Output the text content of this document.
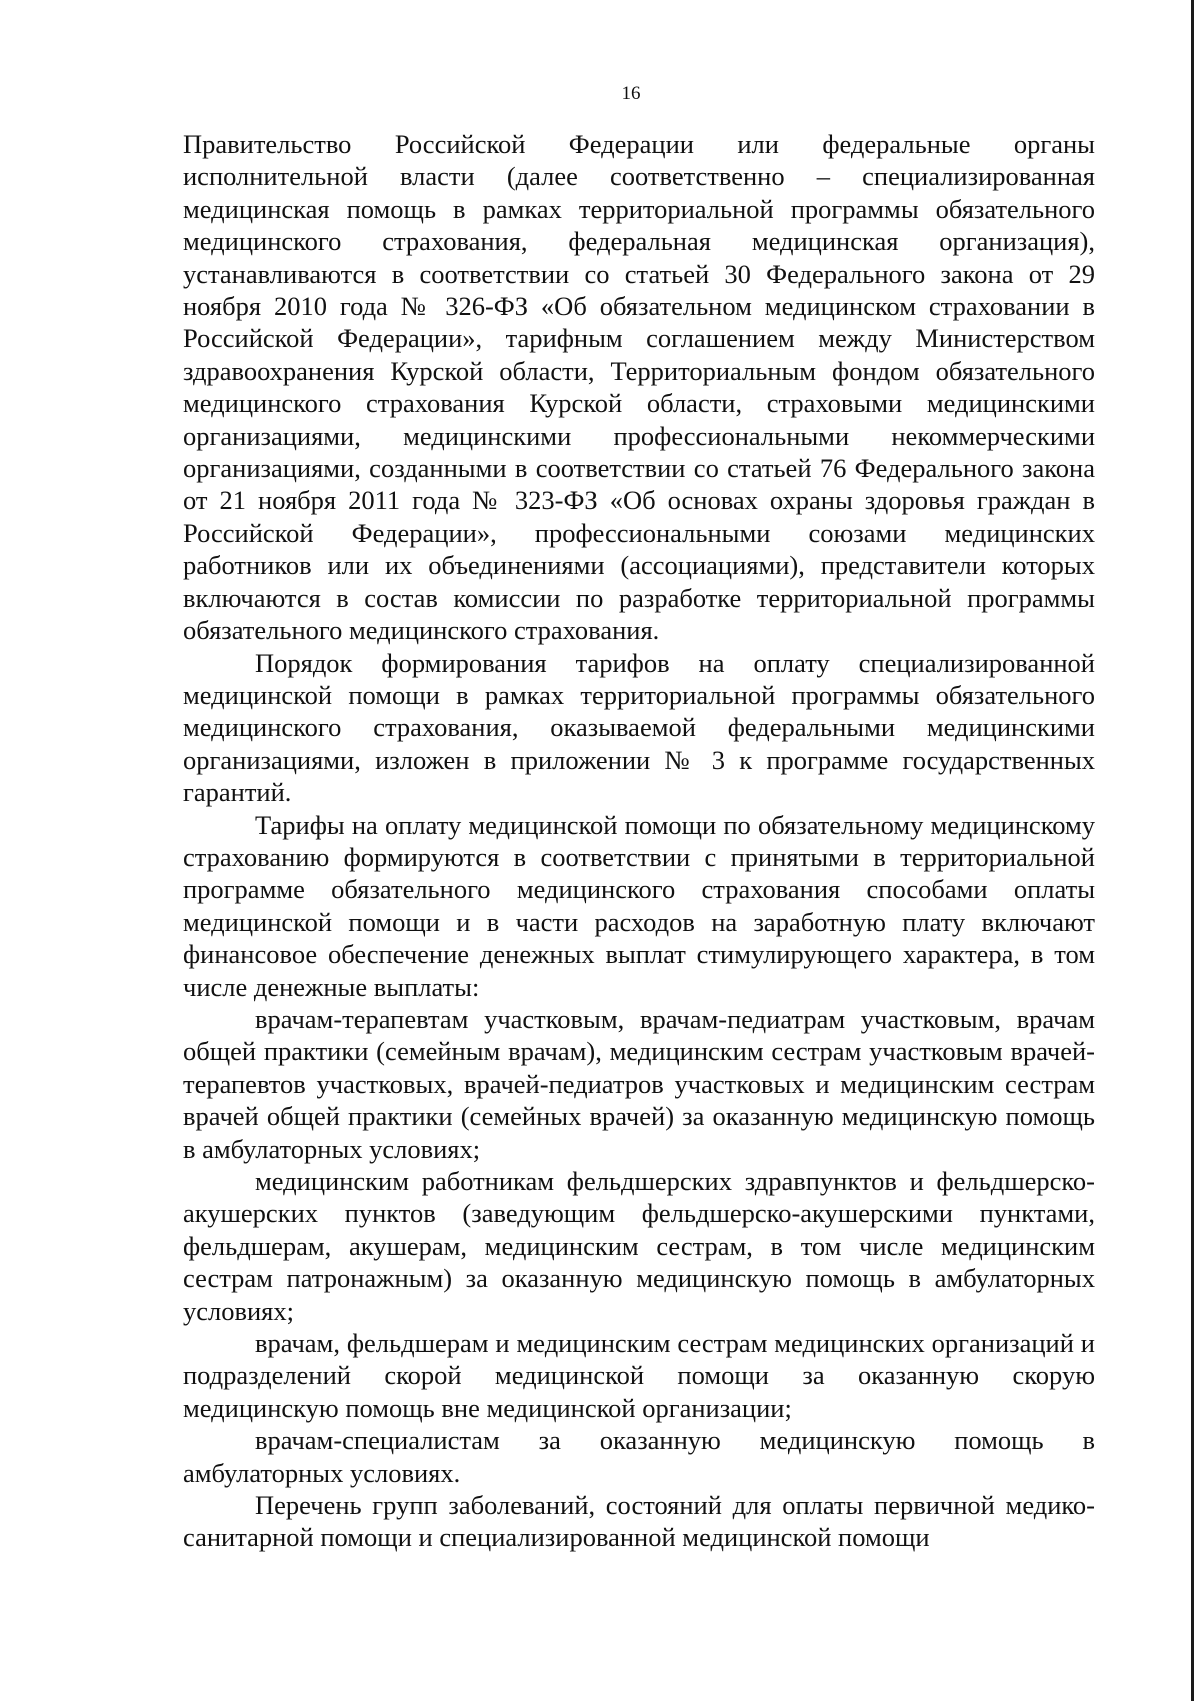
16

Правительство Российской Федерации или федеральные органы исполнительной власти (далее соответственно – специализированная медицинская помощь в рамках территориальной программы обязательного медицинского страхования, федеральная медицинская организация), устанавливаются в соответствии со статьей 30 Федерального закона от 29 ноября 2010 года № 326-ФЗ «Об обязательном медицинском страховании в Российской Федерации», тарифным соглашением между Министерством здравоохранения Курской области, Территориальным фондом обязательного медицинского страхования Курской области, страховыми медицинскими организациями, медицинскими профессиональными некоммерческими организациями, созданными в соответствии со статьей 76 Федерального закона от 21 ноября 2011 года № 323-ФЗ «Об основах охраны здоровья граждан в Российской Федерации», профессиональными союзами медицинских работников или их объединениями (ассоциациями), представители которых включаются в состав комиссии по разработке территориальной программы обязательного медицинского страхования.

Порядок формирования тарифов на оплату специализированной медицинской помощи в рамках территориальной программы обязательного медицинского страхования, оказываемой федеральными медицинскими организациями, изложен в приложении № 3 к программе государственных гарантий.

Тарифы на оплату медицинской помощи по обязательному медицинскому страхованию формируются в соответствии с принятыми в территориальной программе обязательного медицинского страхования способами оплаты медицинской помощи и в части расходов на заработную плату включают финансовое обеспечение денежных выплат стимулирующего характера, в том числе денежные выплаты:

врачам-терапевтам участковым, врачам-педиатрам участковым, врачам общей практики (семейным врачам), медицинским сестрам участковым врачей-терапевтов участковых, врачей-педиатров участковых и медицинским сестрам врачей общей практики (семейных врачей) за оказанную медицинскую помощь в амбулаторных условиях;

медицинским работникам фельдшерских здравпунктов и фельдшерско-акушерских пунктов (заведующим фельдшерско-акушерскими пунктами, фельдшерам, акушерам, медицинским сестрам, в том числе медицинским сестрам патронажным) за оказанную медицинскую помощь в амбулаторных условиях;

врачам, фельдшерам и медицинским сестрам медицинских организаций и подразделений скорой медицинской помощи за оказанную скорую медицинскую помощь вне медицинской организации;

врачам-специалистам за оказанную медицинскую помощь в амбулаторных условиях.

Перечень групп заболеваний, состояний для оплаты первичной медико-санитарной помощи и специализированной медицинской помощи
